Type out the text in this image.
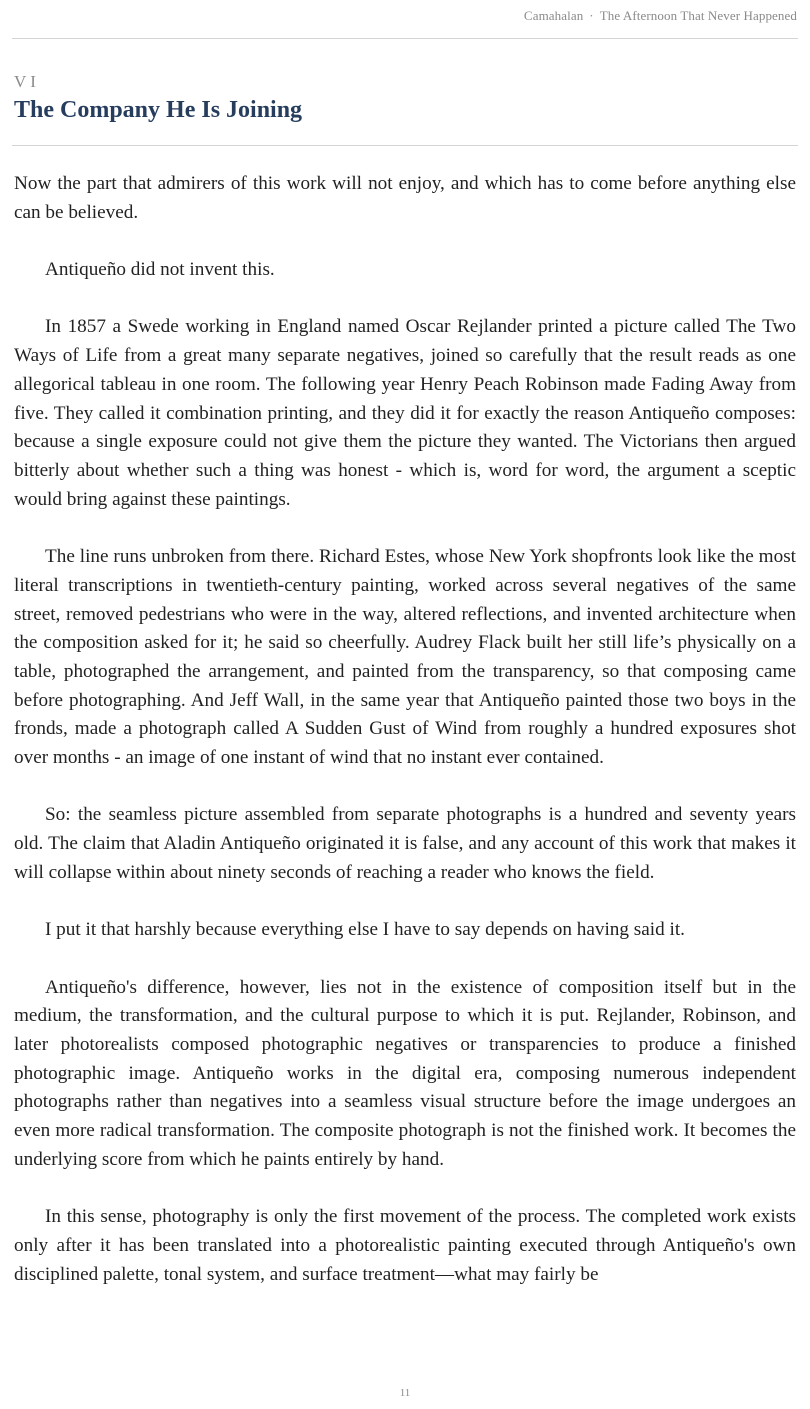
Camahalan · The Afternoon That Never Happened
VI
The Company He Is Joining

Now the part that admirers of this work will not enjoy, and which has to come before anything else can be believed.

Antiqueño did not invent this.

In 1857 a Swede working in England named Oscar Rejlander printed a picture called The Two Ways of Life from a great many separate negatives, joined so carefully that the result reads as one allegorical tableau in one room. The following year Henry Peach Robinson made Fading Away from five. They called it combination printing, and they did it for exactly the reason Antiqueño composes: because a single exposure could not give them the picture they wanted. The Victorians then argued bitterly about whether such a thing was honest - which is, word for word, the argument a sceptic would bring against these paintings.

The line runs unbroken from there. Richard Estes, whose New York shopfronts look like the most literal transcriptions in twentieth-century painting, worked across several negatives of the same street, removed pedestrians who were in the way, altered reflections, and invented architecture when the composition asked for it; he said so cheerfully. Audrey Flack built her still life’s physically on a table, photographed the arrangement, and painted from the transparency, so that composing came before photographing. And Jeff Wall, in the same year that Antiqueño painted those two boys in the fronds, made a photograph called A Sudden Gust of Wind from roughly a hundred exposures shot over months - an image of one instant of wind that no instant ever contained.

So: the seamless picture assembled from separate photographs is a hundred and seventy years old. The claim that Aladin Antiqueño originated it is false, and any account of this work that makes it will collapse within about ninety seconds of reaching a reader who knows the field.

I put it that harshly because everything else I have to say depends on having said it.

Antiqueño's difference, however, lies not in the existence of composition itself but in the medium, the transformation, and the cultural purpose to which it is put. Rejlander, Robinson, and later photorealists composed photographic negatives or transparencies to produce a finished photographic image. Antiqueño works in the digital era, composing numerous independent photographs rather than negatives into a seamless visual structure before the image undergoes an even more radical transformation. The composite photograph is not the finished work. It becomes the underlying score from which he paints entirely by hand.

In this sense, photography is only the first movement of the process. The completed work exists only after it has been translated into a photorealistic painting executed through Antiqueño's own disciplined palette, tonal system, and surface treatment—what may fairly be

11
